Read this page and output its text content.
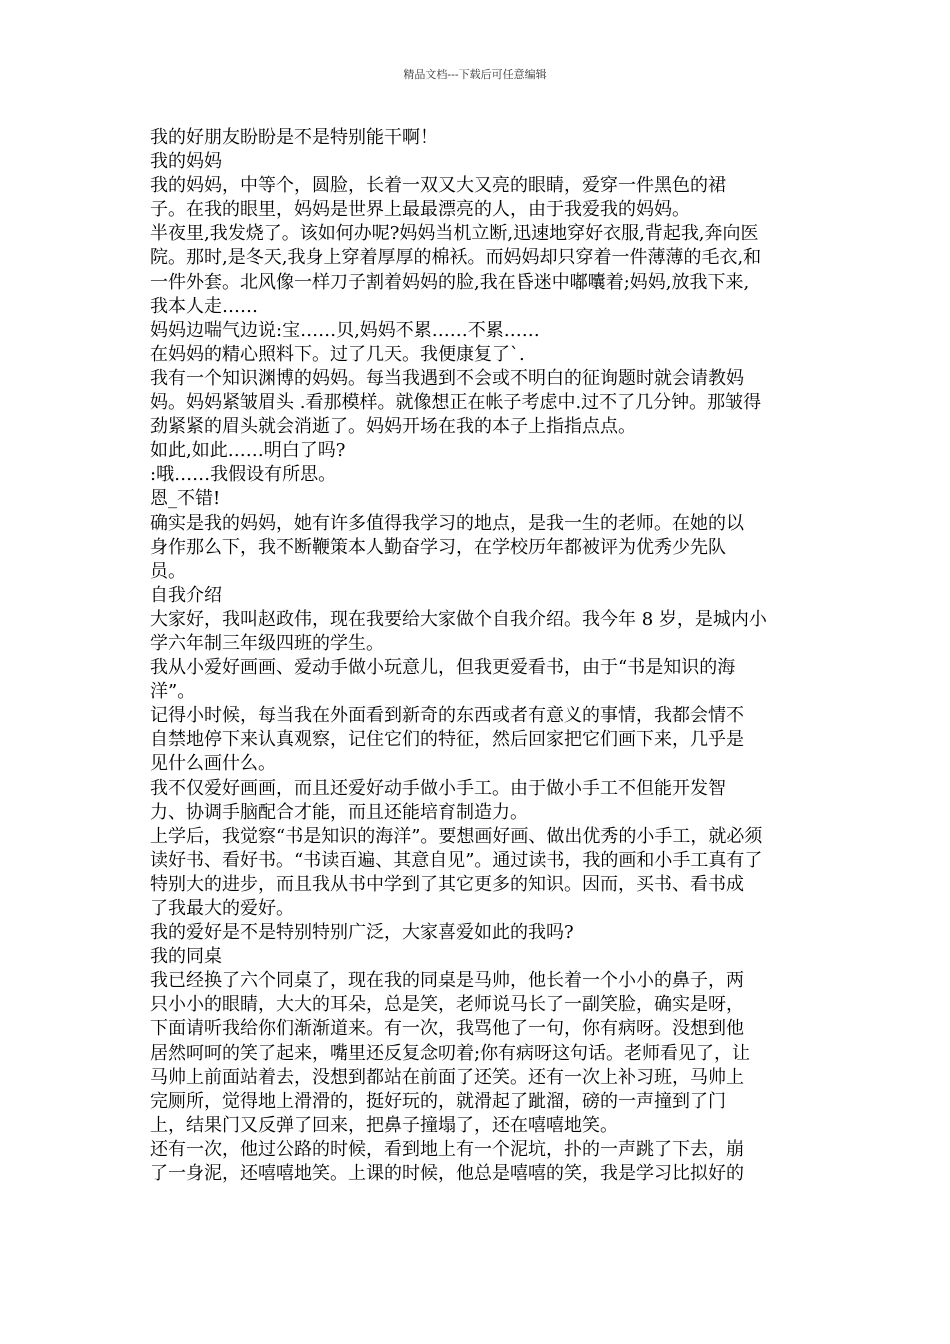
精品文档---下载后可任意编辑
我的好朋友盼盼是不是特别能干啊！
我的妈妈
我的妈妈，中等个，圆脸，长着一双又大又亮的眼睛，爱穿一件黑色的裙
子。在我的眼里，妈妈是世界上最最漂亮的人，由于我爱我的妈妈。
半夜里,我发烧了。该如何办呢?妈妈当机立断,迅速地穿好衣服,背起我,奔向医
院。那时,是冬天,我身上穿着厚厚的棉袄。而妈妈却只穿着一件薄薄的毛衣,和
一件外套。北风像一样刀子割着妈妈的脸,我在昏迷中嘟囔着;妈妈,放我下来,
我本人走……
妈妈边喘气边说:宝……贝,妈妈不累……不累……
在妈妈的精心照料下。过了几天。我便康复了`.
我有一个知识渊博的妈妈。每当我遇到不会或不明白的征询题时就会请教妈
妈。妈妈紧皱眉头 .看那模样。就像想正在帐子考虑中.过不了几分钟。那皱得
劲紧紧的眉头就会消逝了。妈妈开场在我的本子上指指点点。
如此,如此……明白了吗?
:哦……我假设有所思。
恩_不错!
确实是我的妈妈，她有许多值得我学习的地点，是我一生的老师。在她的以
身作那么下，我不断鞭策本人勤奋学习，在学校历年都被评为优秀少先队
员。
自我介绍
大家好，我叫赵政伟，现在我要给大家做个自我介绍。我今年 8 岁，是城内小
学六年制三年级四班的学生。
我从小爱好画画、爱动手做小玩意儿，但我更爱看书，由于“书是知识的海
洋”。
记得小时候，每当我在外面看到新奇的东西或者有意义的事情，我都会情不
自禁地停下来认真观察，记住它们的特征，然后回家把它们画下来，几乎是
见什么画什么。
我不仅爱好画画，而且还爱好动手做小手工。由于做小手工不但能开发智
力、协调手脑配合才能，而且还能培育制造力。
上学后，我觉察“书是知识的海洋”。要想画好画、做出优秀的小手工，就必须
读好书、看好书。“书读百遍、其意自见”。通过读书，我的画和小手工真有了
特别大的进步，而且我从书中学到了其它更多的知识。因而，买书、看书成
了我最大的爱好。
我的爱好是不是特别特别广泛，大家喜爱如此的我吗?
我的同桌
我已经换了六个同桌了，现在我的同桌是马帅，他长着一个小小的鼻子，两
只小小的眼睛，大大的耳朵，总是笑，老师说马长了一副笑脸，确实是呀，
下面请听我给你们渐渐道来。有一次，我骂他了一句，你有病呀。没想到他
居然呵呵的笑了起来，嘴里还反复念叨着;你有病呀这句话。老师看见了，让
马帅上前面站着去，没想到都站在前面了还笑。还有一次上补习班，马帅上
完厕所，觉得地上滑滑的，挺好玩的，就滑起了跐溜，磅的一声撞到了门
上，结果门又反弹了回来，把鼻子撞塌了，还在嘻嘻地笑。
还有一次，他过公路的时候，看到地上有一个泥坑，扑的一声跳了下去，崩
了一身泥，还嘻嘻地笑。上课的时候，他总是嘻嘻的笑，我是学习比拟好的
